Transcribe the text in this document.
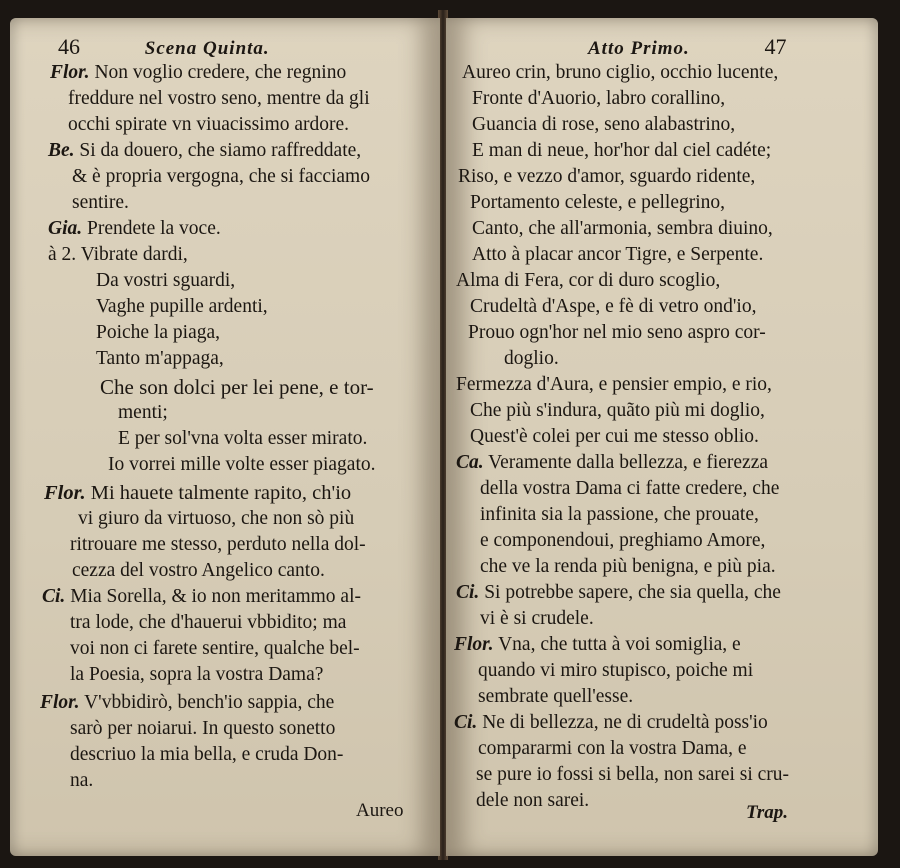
46	Scena Quinta.
Flor. Non voglio credere, che regnino
freddure nel vostro seno, mentre da gli
occhi spirate vn viuacissimo ardore.
Be. Si da douero, che siamo raffreddate,
& è propria vergogna, che si facciamo
sentire.
Gia. Prendete la voce.
à 2. Vibrate dardi,
Da vostri sguardi,
Vaghe pupille ardenti,
Poiche la piaga,
Tanto m'appaga,
Che son dolci per lei pene, e tor-
menti;
E per sol'vna volta esser mirato.
Io vorrei mille volte esser piagato.
Flor. Mi hauete talmente rapito, ch'io
vi giuro da virtuoso, che non sò più
ritrouare me stesso, perduto nella dol-
cezza del vostro Angelico canto.
Ci. Mia Sorella, & io non meritammo al-
tra lode, che d'hauerui vbbidito; ma
voi non ci farete sentire, qualche bel-
la Poesia, sopra la vostra Dama?
Flor. V'vbbidirò, bench'io sappia, che
sarò per noiarui. In questo sonetto
descriuo la mia bella, e cruda Don-
na.
Aureo
Atto Primo.	47
Aureo crin, bruno ciglio, occhio lucente,
Fronte d'Auorio, labro corallino,
Guancia di rose, seno alabastrino,
E man di neue, hor'hor dal ciel cadéte;
Riso, e vezzo d'amor, sguardo ridente,
Portamento celeste, e pellegrino,
Canto, che all'armonia, sembra diuino,
Atto à placar ancor Tigre, e Serpente.
Alma di Fera, cor di duro scoglio,
Crudeltà d'Aspe, e fè di vetro ond'io,
Prouo ogn'hor nel mio seno aspro cor-
doglio.
Fermezza d'Aura, e pensier empio, e rio,
Che più s'indura, quãto più mi doglio,
Quest'è colei per cui me stesso oblio.
Ca. Veramente dalla bellezza, e fierezza
della vostra Dama ci fatte credere, che
infinita sia la passione, che prouate,
e componendoui, preghiamo Amore,
che ve la renda più benigna, e più pia.
Ci. Si potrebbe sapere, che sia quella, che
vi è si crudele.
Flor. Vna, che tutta à voi somiglia, e
quando vi miro stupisco, poiche mi
sembrate quell'esse.
Ci. Ne di bellezza, ne di crudeltà poss'io
compararmi con la vostra Dama, e
se pure io fossi si bella, non sarei si cru-
dele non sarei.
Trap.
